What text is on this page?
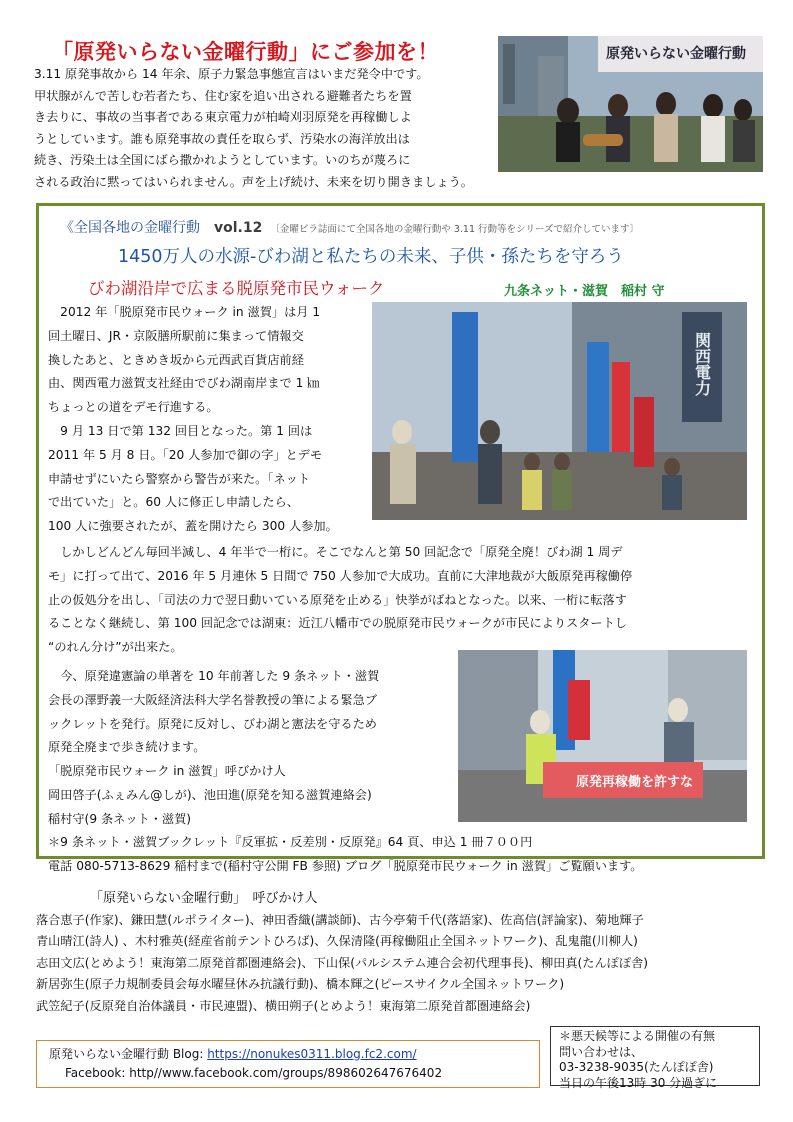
「原発いらない金曜行動」にご参加を！

3.11 原発事故から 14 年余、原子力緊急事態宣言はいまだ発令中です。

甲状腺がんで苦しむ若者たち、住む家を追い出される避難者たちを置

き去りに、事故の当事者である東京電力が柏崎刈羽原発を再稼働しよ

うとしています。誰も原発事故の責任を取らず、汚染水の海洋放出は

続き、汚染土は全国にばら撒かれようとしています。いのちが蔑ろに

される政治に黙ってはいられません。声を上げ続け、未来を切り開きましょう。

原発いらない金曜行動
《全国各地の金曜行動 vol.12 〔金曜ビラ誌面にて全国各地の金曜行動や 3.11 行動等をシリーズで紹介しています〕
1450万人の水源-びわ湖と私たちの未来、子供・孫たちを守ろう
びわ湖沿岸で広まる脱原発市民ウォーク	九条ネット・滋賀　稲村 守
　2012 年「脱原発市民ウォーク in 滋賀」は月 1
回土曜日、JR・京阪膳所駅前に集まって情報交
換したあと、ときめき坂から元西武百貨店前経
由、関西電力滋賀支社経由でびわ湖南岸まで 1 ㎞
ちょっとの道をデモ行進する。
　9 月 13 日で第 132 回目となった。第 1 回は
2011 年 5 月 8 日。「20 人参加で御の字」とデモ
申請せずにいたら警察から警告が来た。「ネット
で出ていた」と。60 人に修正し申請したら、
100 人に強要されたが、蓋を開けたら 300 人参加。
関西電力
　しかしどんどん毎回半減し、4 年半で一桁に。そこでなんと第 50 回記念で「原発全廃！びわ湖 1 周デ
モ」に打って出て、2016 年 5 月連休 5 日間で 750 人参加で大成功。直前に大津地裁が大飯原発再稼働停
止の仮処分を出し、「司法の力で翌日動いている原発を止める」快挙がばねとなった。以来、一桁に転落す
ることなく継続し、第 100 回記念では湖東：近江八幡市での脱原発市民ウォークが市民によりスタートし
“のれん分け”が出来た。
　今、原発違憲論の単著を 10 年前著した 9 条ネット・滋賀
会長の澤野義一大阪経済法科大学名誉教授の筆による緊急ブ
ックレットを発行。原発に反対し、びわ湖と憲法を守るため
原発全廃まで歩き続けます。
「脱原発市民ウォーク in 滋賀」呼びかけ人
岡田啓子(ふぇみん@しが)、池田進(原発を知る滋賀連絡会)
稲村守(9 条ネット・滋賀)
原発再稼働を許すな
＊9 条ネット・滋賀ブックレット『反軍拡・反差別・反原発』64 頁、申込 1 冊７００円
電話 080-5713-8629 稲村まで(稲村守公開 FB 参照) ブログ「脱原発市民ウォーク in 滋賀」ご覧願います。
「原発いらない金曜行動」　呼びかけ人
落合恵子(作家)、鎌田慧(ルポライター)、神田香織(講談師)、古今亭菊千代(落語家)、佐高信(評論家)、菊地輝子
青山晴江(詩人) 、木村雅英(経産省前テントひろば)、久保清隆(再稼働阻止全国ネットワーク)、乱鬼龍(川柳人)
志田文広(とめよう！東海第二原発首都圏連絡会)、下山保(パルシステム連合会初代理事長)、柳田真(たんぽぽ舎)
新居弥生(原子力規制委員会毎水曜昼休み抗議行動)、橋本輝之(ピースサイクル全国ネットワーク)
武笠紀子(反原発自治体議員・市民連盟)、横田朔子(とめよう！東海第二原発首都圏連絡会)
原発いらない金曜行動 Blog: https://nonukes0311.blog.fc2.com/
Facebook: http//www.facebook.com/groups/898602647676402
＊悪天候等による開催の有無
問い合わせは、
03-3238-9035(たんぽぽ舎)
当日の午後13時 30 分過ぎに
